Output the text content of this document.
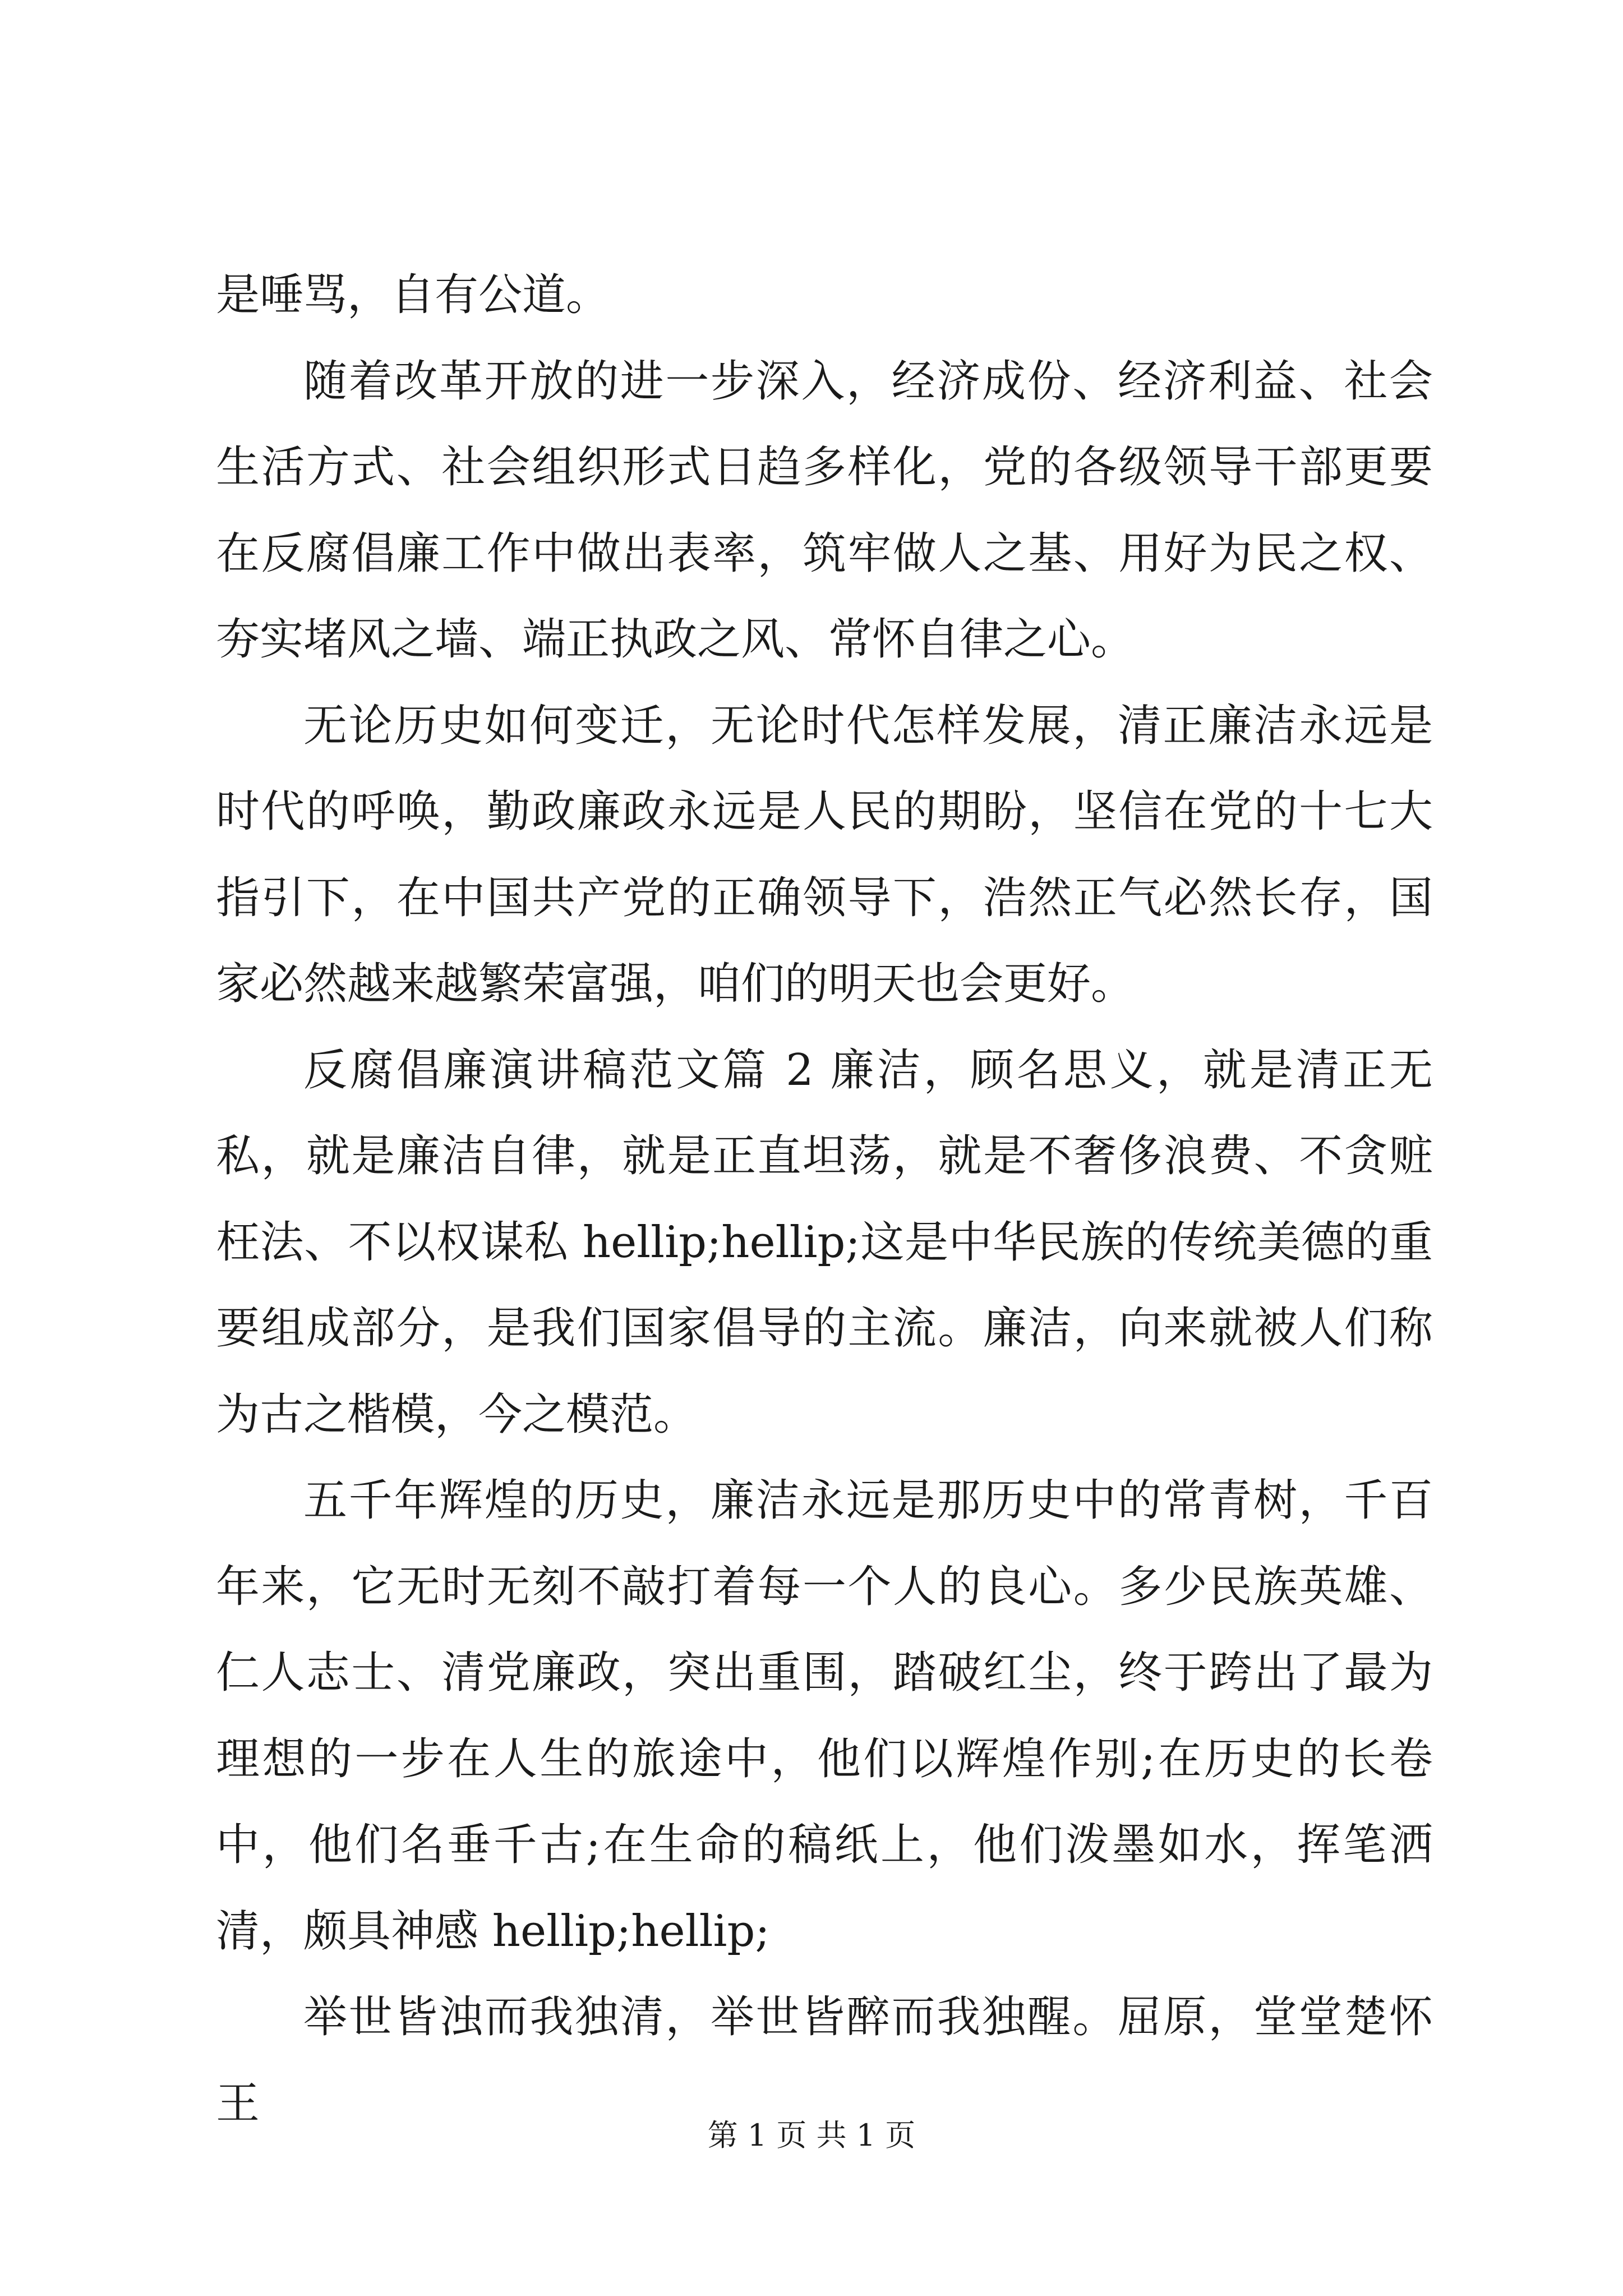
是唾骂，自有公道。

随着改革开放的进一步深入，经济成份、经济利益、社会生活方式、社会组织形式日趋多样化，党的各级领导干部更要在反腐倡廉工作中做出表率，筑牢做人之基、用好为民之权、夯实堵风之墙、端正执政之风、常怀自律之心。

无论历史如何变迁，无论时代怎样发展，清正廉洁永远是时代的呼唤，勤政廉政永远是人民的期盼，坚信在党的十七大指引下，在中国共产党的正确领导下，浩然正气必然长存，国家必然越来越繁荣富强，咱们的明天也会更好。

反腐倡廉演讲稿范文篇 2 廉洁，顾名思义，就是清正无私，就是廉洁自律，就是正直坦荡，就是不奢侈浪费、不贪赃枉法、不以权谋私 hellip;hellip;这是中华民族的传统美德的重要组成部分，是我们国家倡导的主流。廉洁，向来就被人们称为古之楷模，今之模范。

五千年辉煌的历史，廉洁永远是那历史中的常青树，千百年来，它无时无刻不敲打着每一个人的良心。多少民族英雄、仁人志士、清党廉政，突出重围，踏破红尘，终于跨出了最为理想的一步在人生的旅途中，他们以辉煌作别;在历史的长卷中，他们名垂千古;在生命的稿纸上，他们泼墨如水，挥笔洒清，颇具神感 hellip;hellip;

举世皆浊而我独清，举世皆醉而我独醒。屈原，堂堂楚怀王

第 1 页 共 1 页
